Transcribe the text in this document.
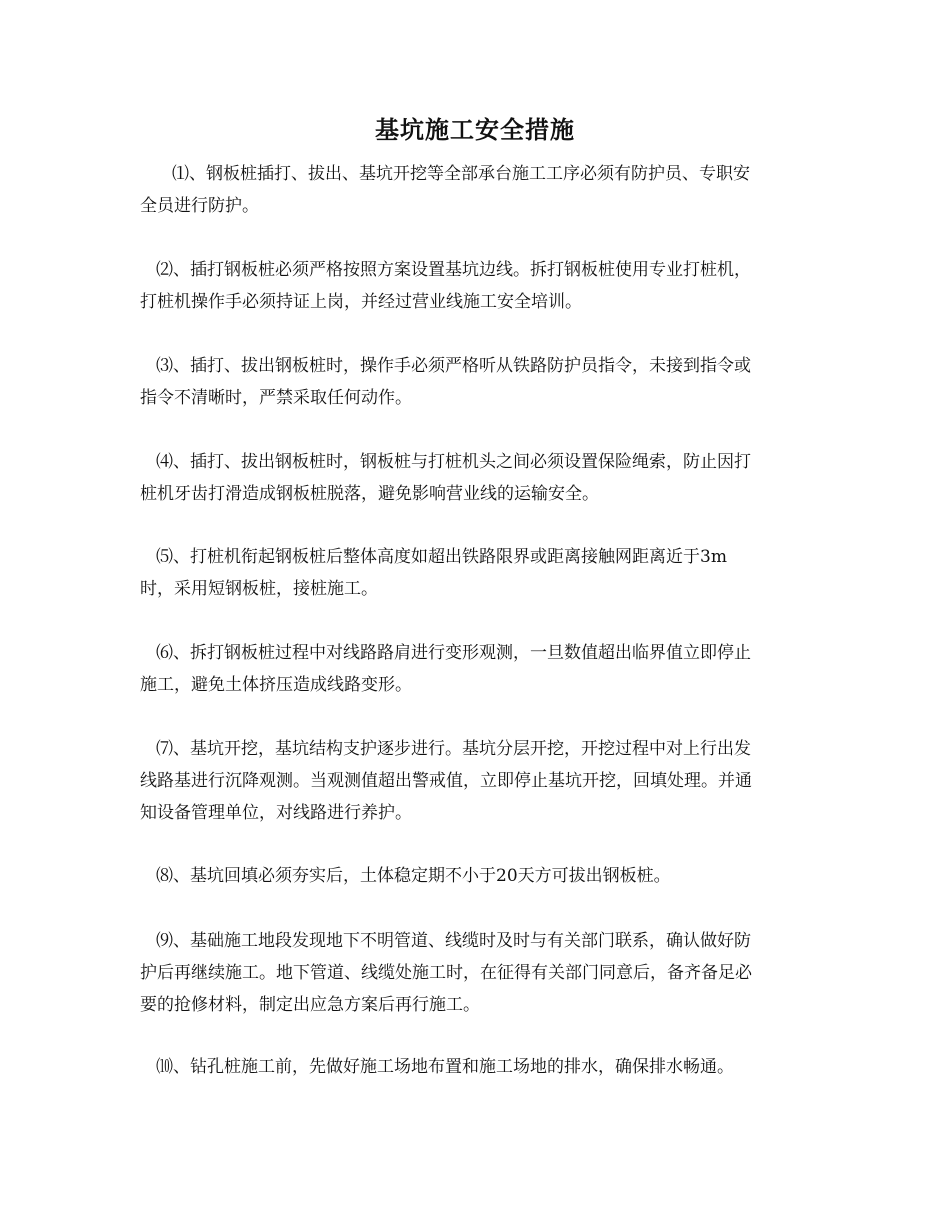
基坑施工安全措施
⑴、钢板桩插打、拔出、基坑开挖等全部承台施工工序必须有防护员、专职安
全员进行防护。
⑵、插打钢板桩必须严格按照方案设置基坑边线。拆打钢板桩使用专业打桩机，
打桩机操作手必须持证上岗，并经过营业线施工安全培训。
⑶、插打、拔出钢板桩时，操作手必须严格听从铁路防护员指令，未接到指令或
指令不清晰时，严禁采取任何动作。
⑷、插打、拔出钢板桩时，钢板桩与打桩机头之间必须设置保险绳索，防止因打
桩机牙齿打滑造成钢板桩脱落，避免影响营业线的运输安全。
⑸、打桩机衔起钢板桩后整体高度如超出铁路限界或距离接触网距离近于3m
时，采用短钢板桩，接桩施工。
⑹、拆打钢板桩过程中对线路路肩进行变形观测，一旦数值超出临界值立即停止
施工，避免土体挤压造成线路变形。
⑺、基坑开挖，基坑结构支护逐步进行。基坑分层开挖，开挖过程中对上行出发
线路基进行沉降观测。当观测值超出警戒值，立即停止基坑开挖，回填处理。并通
知设备管理单位，对线路进行养护。
⑻、基坑回填必须夯实后，土体稳定期不小于20天方可拔出钢板桩。
⑼、基础施工地段发现地下不明管道、线缆时及时与有关部门联系，确认做好防
护后再继续施工。地下管道、线缆处施工时，在征得有关部门同意后，备齐备足必
要的抢修材料，制定出应急方案后再行施工。
⑽、钻孔桩施工前，先做好施工场地布置和施工场地的排水，确保排水畅通。
